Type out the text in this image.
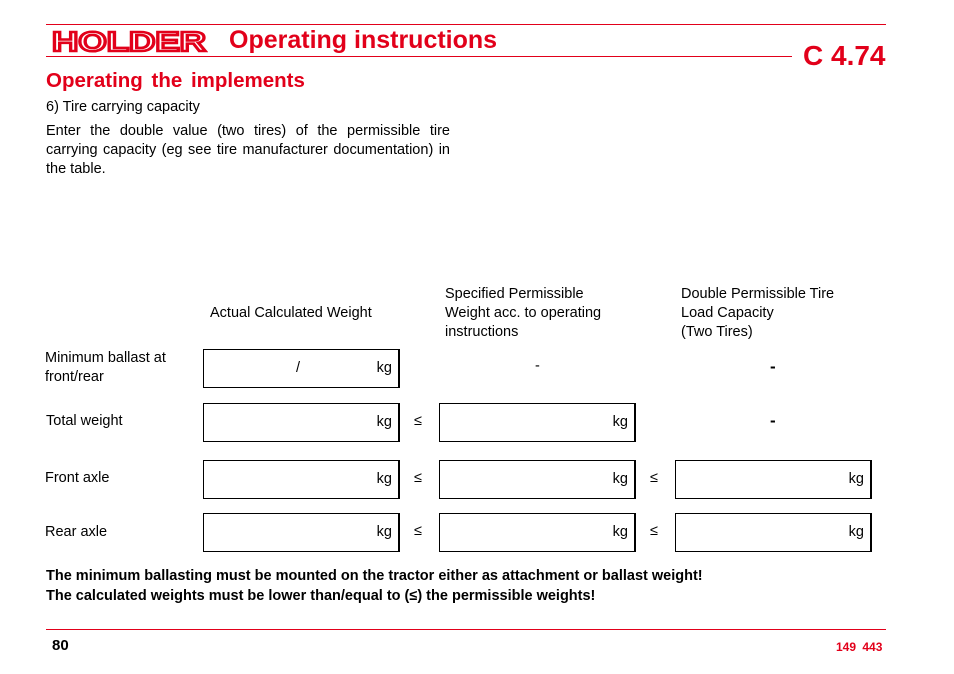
HOLDER Operating instructions	C 4.74
Operating the implements
6) Tire carrying capacity
Enter the double value (two tires) of the permissible tire carrying capacity (eg see tire manufacturer documentation) in the table.
Actual Calculated Weight
Specified Permissible
Weight acc. to operating
instructions
Double Permissible Tire
Load Capacity
(Two Tires)
Minimum ballast at
front/rear
/	kg	-	-
Total weight	kg ≤	kg	-
Front axle	kg ≤	kg ≤	kg
Rear axle	kg ≤	kg ≤	kg
The minimum ballasting must be mounted on the tractor either as attachment or ballast weight!
The calculated weights must be lower than/equal to (≤) the permissible weights!
80	149 443
